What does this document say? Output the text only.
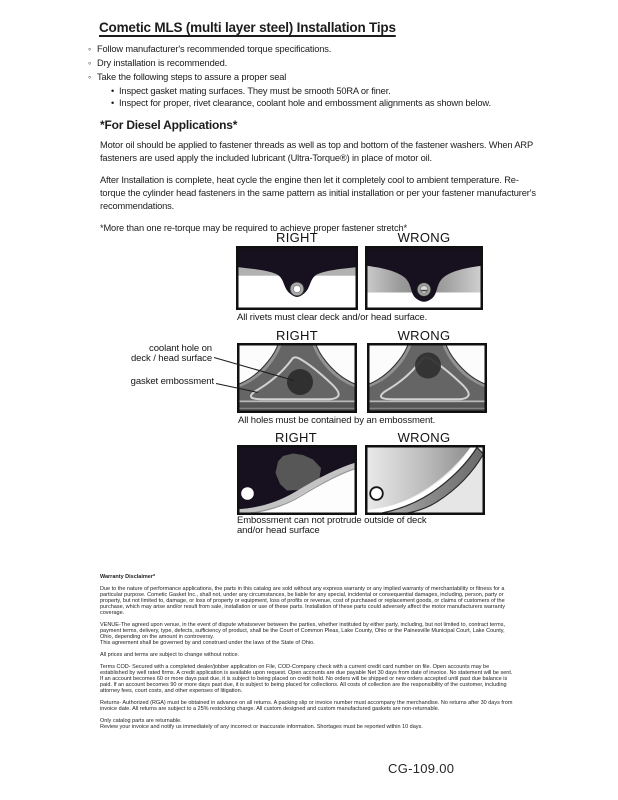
Cometic MLS (multi layer steel) Installation Tips
◦ Follow manufacturer's recommended torque specifications.
◦ Dry installation is recommended.
◦ Take the following steps to assure a proper seal
• Inspect gasket mating surfaces. They must be smooth 50RA or finer.
• Inspect for proper, rivet clearance, coolant hole and embossment alignments as shown below.
*For Diesel Applications*

Motor oil should be applied to fastener threads as well as top and bottom of the fastener washers. When ARP fasteners are used apply the included lubricant (Ultra-Torque®) in place of motor oil.

After Installation is complete, heat cycle the engine then let it completely cool to ambient temperature. Re-torque the cylinder head fasteners in the same pattern as initial installation or per your fastener manufacturer's recommendations.

*More than one re-torque may be required to achieve proper fastener stretch*

RIGHT	WRONG
All rivets must clear deck and/or head surface.
RIGHT	WRONG
coolant hole on
deck / head surface
gasket embossment
All holes must be contained by an embossment.
RIGHT	WRONG
Embossment can not protrude outside of deck
and/or head surface

Warranty Disclaimer*

Due to the nature of performance applications, the parts in this catalog are sold without any express warranty or any implied warranty of merchantability or fitness for a particular purpose. Cometic Gasket Inc., shall not, under any circumstances, be liable for any special, incidental or consequential damages, including, person, party or property, but not limited to, damage, or loss of property or equipment, loss of profits or revenue, cost of purchased or replacement goods, or claims of customers of the purchase, which may arise and/or result from sale, installation or use of these parts. Installation of these parts could adversely affect the motor manufacturers warranty coverage.

VENUE-The agreed upon venue, in the event of dispute whatsoever between the parties, whether instituted by either party, including, but not limited to, contract terms, payment terms, delivery, type, defects, sufficiency of product, shall be the Court of Common Pleas, Lake County, Ohio or the Painesville Municipal Court, Lake County, Ohio, depending on the amount in controversy.

This agreement shall be governed by and construed under the laws of the State of Ohio.

All prices and terms are subject to change without notice.

Terms COD- Secured with a completed dealer/jobber application on File, COD-Company check with a current credit card number on file. Open accounts may be established by well rated firms. A credit application is available upon request. Open accounts are due payable Net 30 days from date of invoice. No statement will be sent. If an account becomes 60 or more days past due, it is subject to being placed on credit hold. No orders will be shipped or new orders accepted until past due balance is paid. If an account becomes 90 or more days past due, it is subject to being placed for collections. All costs of collection are the responsibility of the customer, including attorney fees, court costs, and other expenses of litigation.

Returns- Authorized (RGA) must be obtained in advance on all returns. A packing slip or invoice number must accompany the merchandise. No returns after 30 days from invoice date. All returns are subject to a 25% restocking charge. All custom designed and custom manufactured gaskets are non-returnable.

Only catalog parts are returnable.

Review your invoice and notify us immediately of any incorrect or inaccurate information. Shortages must be reported within 10 days.

CG-109.00
